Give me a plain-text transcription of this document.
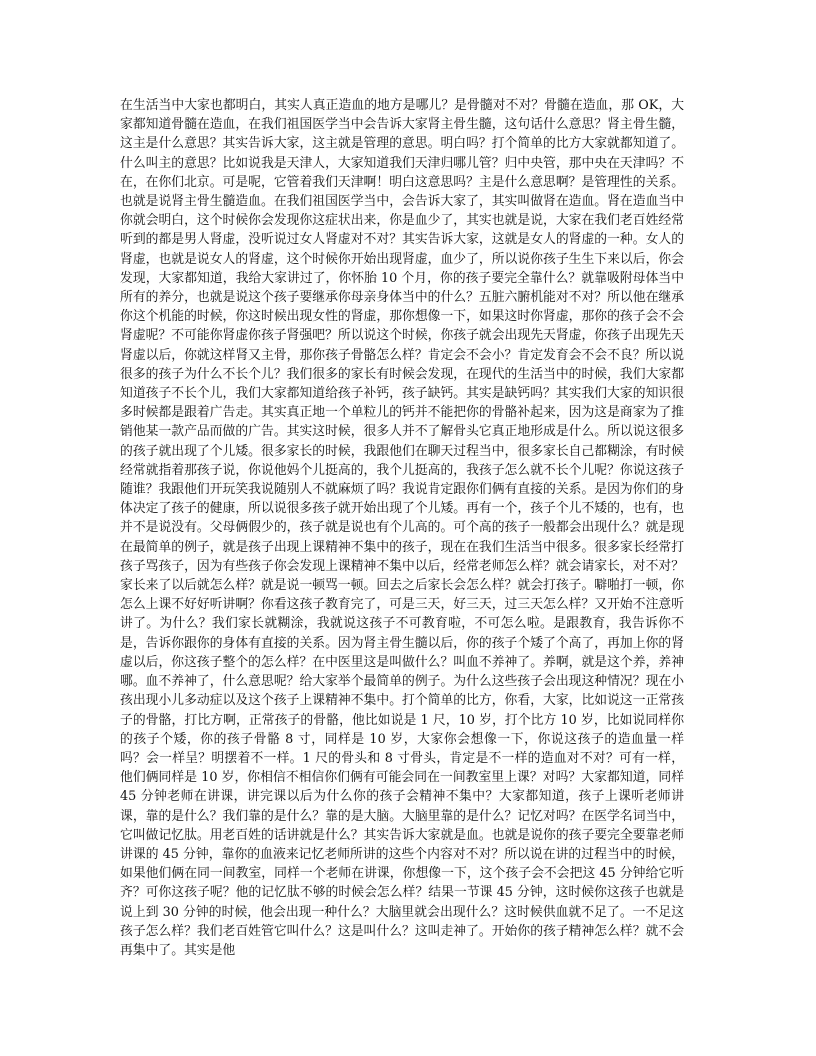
在生活当中大家也都明白，其实人真正造血的地方是哪儿？是骨髓对不对？骨髓在造血，那 OK，大家都知道骨髓在造血，在我们祖国医学当中会告诉大家肾主骨生髓，这句话什么意思？肾主骨生髓，这主是什么意思？其实告诉大家，这主就是管理的意思。明白吗？打个简单的比方大家就都知道了。什么叫主的意思？比如说我是天津人，大家知道我们天津归哪儿管？归中央管，那中央在天津吗？不在，在你们北京。可是呢，它管着我们天津啊！明白这意思吗？主是什么意思啊？是管理性的关系。也就是说肾主骨生髓造血。在我们祖国医学当中，会告诉大家了，其实叫做肾在造血。肾在造血当中你就会明白，这个时候你会发现你这症状出来，你是血少了，其实也就是说，大家在我们老百姓经常听到的都是男人肾虚，没听说过女人肾虚对不对？其实告诉大家，这就是女人的肾虚的一种。女人的肾虚，也就是说女人的肾虚，这个时候你开始出现肾虚，血少了，所以说你孩子生生下来以后，你会发现，大家都知道，我给大家讲过了，你怀胎 10 个月，你的孩子要完全靠什么？就靠吸附母体当中所有的养分，也就是说这个孩子要继承你母亲身体当中的什么？五脏六腑机能对不对？所以他在继承你这个机能的时候，你这时候出现女性的肾虚，那你想像一下，如果这时你肾虚，那你的孩子会不会肾虚呢？不可能你肾虚你孩子肾强吧？所以说这个时候，你孩子就会出现先天肾虚，你孩子出现先天肾虚以后，你就这样肾又主骨，那你孩子骨骼怎么样？肯定会不会小？肯定发育会不会不良？所以说很多的孩子为什么不长个儿？我们很多的家长有时候会发现，在现代的生活当中的时候，我们大家都知道孩子不长个儿，我们大家都知道给孩子补钙，孩子缺钙。其实是缺钙吗？其实我们大家的知识很多时候都是跟着广告走。其实真正地一个单粒儿的钙并不能把你的骨骼补起来，因为这是商家为了推销他某一款产品而做的广告。其实这时候，很多人并不了解骨头它真正地形成是什么。所以说这很多的孩子就出现了个儿矮。很多家长的时候，我跟他们在聊天过程当中，很多家长自己都糊涂，有时候经常就指着那孩子说，你说他妈个儿挺高的，我个儿挺高的，我孩子怎么就不长个儿呢？你说这孩子随谁？我跟他们开玩笑我说随别人不就麻烦了吗？我说肯定跟你们俩有直接的关系。是因为你们的身体决定了孩子的健康，所以说很多孩子就开始出现了个儿矮。再有一个，孩子个儿不矮的，也有，也并不是说没有。父母俩假少的，孩子就是说也有个儿高的。可个高的孩子一般都会出现什么？就是现在最简单的例子，就是孩子出现上课精神不集中的孩子，现在在我们生活当中很多。很多家长经常打孩子骂孩子，因为有些孩子你会发现上课精神不集中以后，经常老师怎么样？就会请家长，对不对？家长来了以后就怎么样？就是说一顿骂一顿。回去之后家长会怎么样？就会打孩子。噼啪打一顿，你怎么上课不好好听讲啊？你看这孩子教育完了，可是三天，好三天，过三天怎么样？又开始不注意听讲了。为什么？我们家长就糊涂，我就说这孩子不可教育啦，不可怎么啦。是跟教育，我告诉你不是，告诉你跟你的身体有直接的关系。因为肾主骨生髓以后，你的孩子个矮了个高了，再加上你的肾虚以后，你这孩子整个的怎么样？在中医里这是叫做什么？叫血不养神了。养啊，就是这个养，养神哪。血不养神了，什么意思呢？给大家举个最简单的例子。为什么这些孩子会出现这种情况？现在小孩出现小儿多动症以及这个孩子上课精神不集中。打个简单的比方，你看，大家，比如说这一正常孩子的骨骼，打比方啊，正常孩子的骨骼，他比如说是 1 尺，10 岁，打个比方 10 岁，比如说同样你的孩子个矮，你的孩子骨骼 8 寸，同样是 10 岁，大家你会想像一下，你说这孩子的造血量一样吗？会一样呈？明摆着不一样。1 尺的骨头和 8 寸骨头，肯定是不一样的造血对不对？可有一样，他们俩同样是 10 岁，你相信不相信你们俩有可能会同在一间教室里上课？对吗？大家都知道，同样 45 分钟老师在讲课，讲完课以后为什么你的孩子会精神不集中？大家都知道，孩子上课听老师讲课，靠的是什么？我们靠的是什么？靠的是大脑。大脑里靠的是什么？记忆对吗？在医学名词当中，它叫做记忆肽。用老百姓的话讲就是什么？其实告诉大家就是血。也就是说你的孩子要完全要靠老师讲课的 45 分钟，靠你的血液来记忆老师所讲的这些个内容对不对？所以说在讲的过程当中的时候，如果他们俩在同一间教室，同样一个老师在讲课，你想像一下，这个孩子会不会把这 45 分钟给它听齐？可你这孩子呢？他的记忆肽不够的时候会怎么样？结果一节课 45 分钟，这时候你这孩子也就是说上到 30 分钟的时候，他会出现一种什么？大脑里就会出现什么？这时候供血就不足了。一不足这孩子怎么样？我们老百姓管它叫什么？这是叫什么？这叫走神了。开始你的孩子精神怎么样？就不会再集中了。其实是他
